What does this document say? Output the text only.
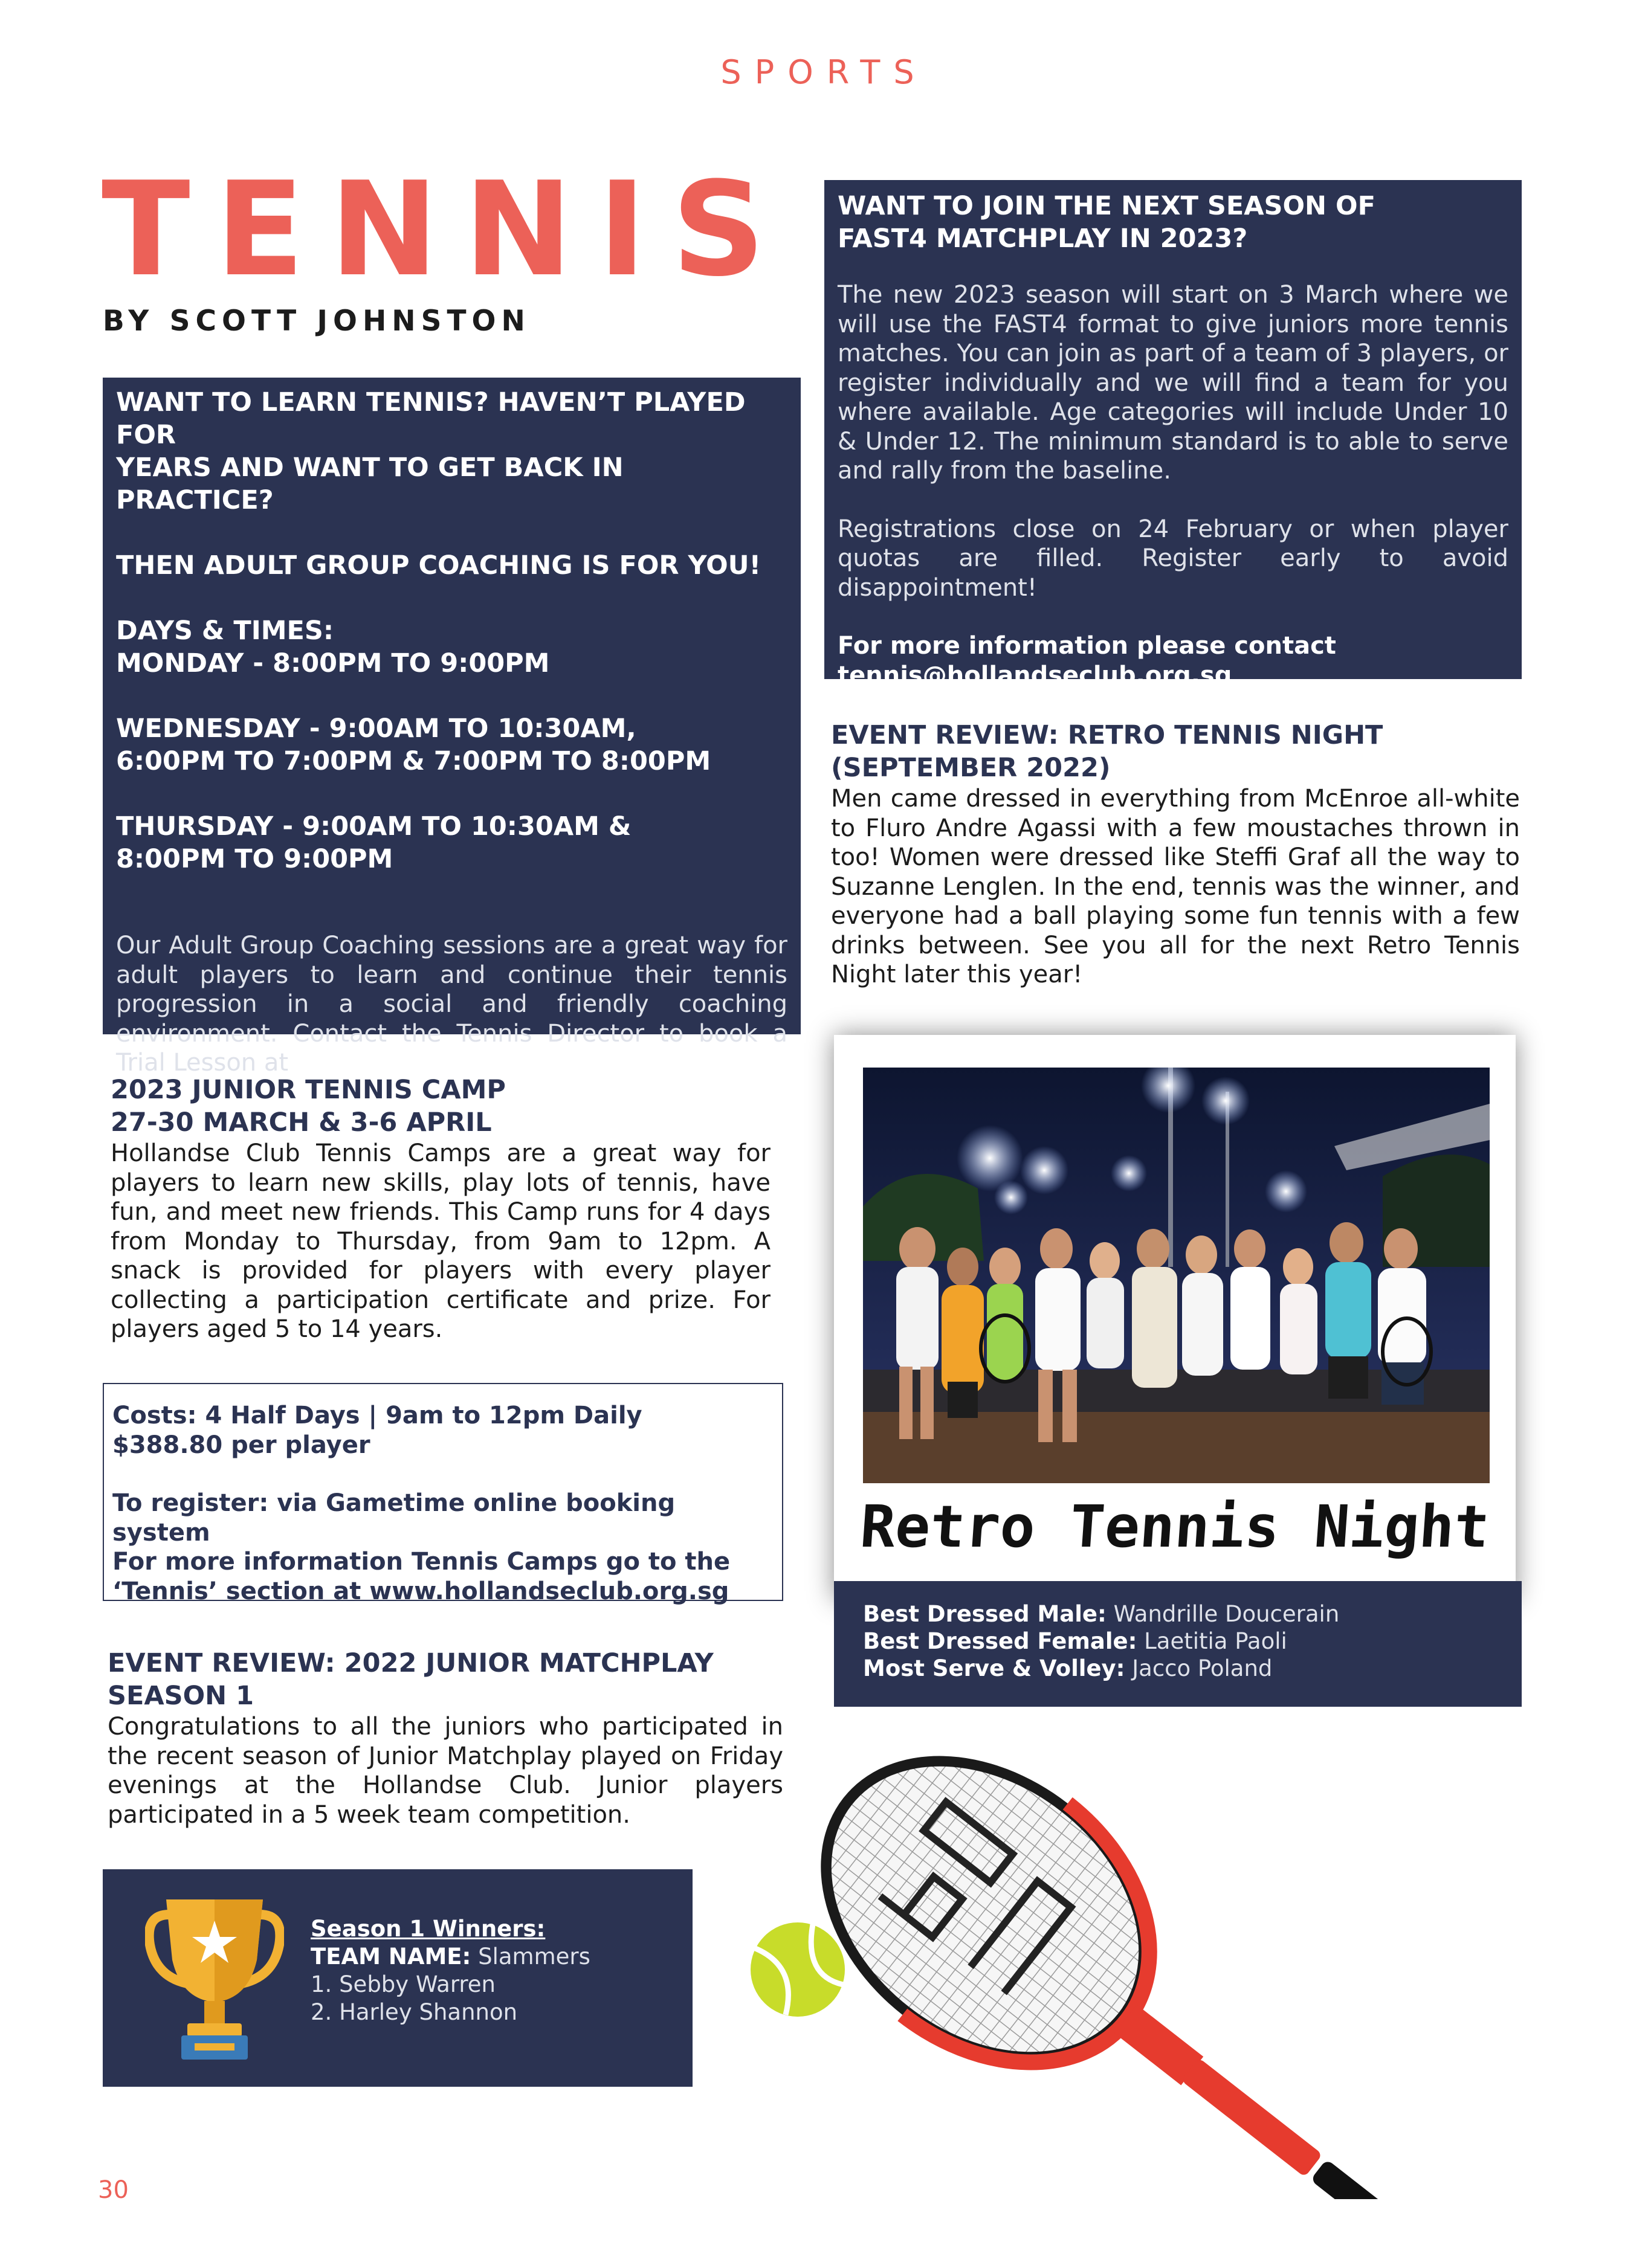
SPORTS
TENNIS
BY SCOTT JOHNSTON
WANT TO LEARN TENNIS? HAVEN’T PLAYED FOR
YEARS AND WANT TO GET BACK IN PRACTICE?
THEN ADULT GROUP COACHING IS FOR YOU!
DAYS & TIMES:
MONDAY - 8:00PM TO 9:00PM
WEDNESDAY - 9:00AM TO 10:30AM,
6:00PM TO 7:00PM & 7:00PM TO 8:00PM
THURSDAY - 9:00AM TO 10:30AM &
8:00PM TO 9:00PM
Our Adult Group Coaching sessions are a great way for adult players to learn and continue their tennis progression in a social and friendly coaching environment. Contact the Tennis Director to book a Trial Lesson at tennis@hollandseclub.org.sg.
WANT TO JOIN THE NEXT SEASON OF
FAST4 MATCHPLAY IN 2023?
The new 2023 season will start on 3 March where we will use the FAST4 format to give juniors more tennis matches. You can join as part of a team of 3 players, or register individually and we will find a team for you where available. Age categories will include Under 10 & Under 12. The minimum standard is to able to serve and rally from the baseline.
Registrations close on 24 February or when player quotas are filled. Register early to avoid disappointment!
For more information please contact
tennis@hollandseclub.org.sg
EVENT REVIEW: RETRO TENNIS NIGHT
(SEPTEMBER 2022)
Men came dressed in everything from McEnroe all-white to Fluro Andre Agassi with a few moustaches thrown in too! Women were dressed like Steffi Graf all the way to Suzanne Lenglen. In the end, tennis was the winner, and everyone had a ball playing some fun tennis with a few drinks between. See you all for the next Retro Tennis Night later this year!
Retro Tennis Night
Best Dressed Male: Wandrille Doucerain
Best Dressed Female: Laetitia Paoli
Most Serve & Volley: Jacco Poland
2023 JUNIOR TENNIS CAMP
27-30 MARCH & 3-6 APRIL
Hollandse Club Tennis Camps are a great way for players to learn new skills, play lots of tennis, have fun, and meet new friends. This Camp runs for 4 days from Monday to Thursday, from 9am to 12pm. A snack is provided for players with every player collecting a participation certificate and prize. For players aged 5 to 14 years.
Costs: 4 Half Days | 9am to 12pm Daily
$388.80 per player
To register: via Gametime online booking system
For more information Tennis Camps go to the
‘Tennis’ section at www.hollandseclub.org.sg
EVENT REVIEW: 2022 JUNIOR MATCHPLAY
SEASON 1
Congratulations to all the juniors who participated in the recent season of Junior Matchplay played on Friday evenings at the Hollandse Club. Junior players participated in a 5 week team competition.
Season 1 Winners:
TEAM NAME: Slammers
1. Sebby Warren
2. Harley Shannon
30
